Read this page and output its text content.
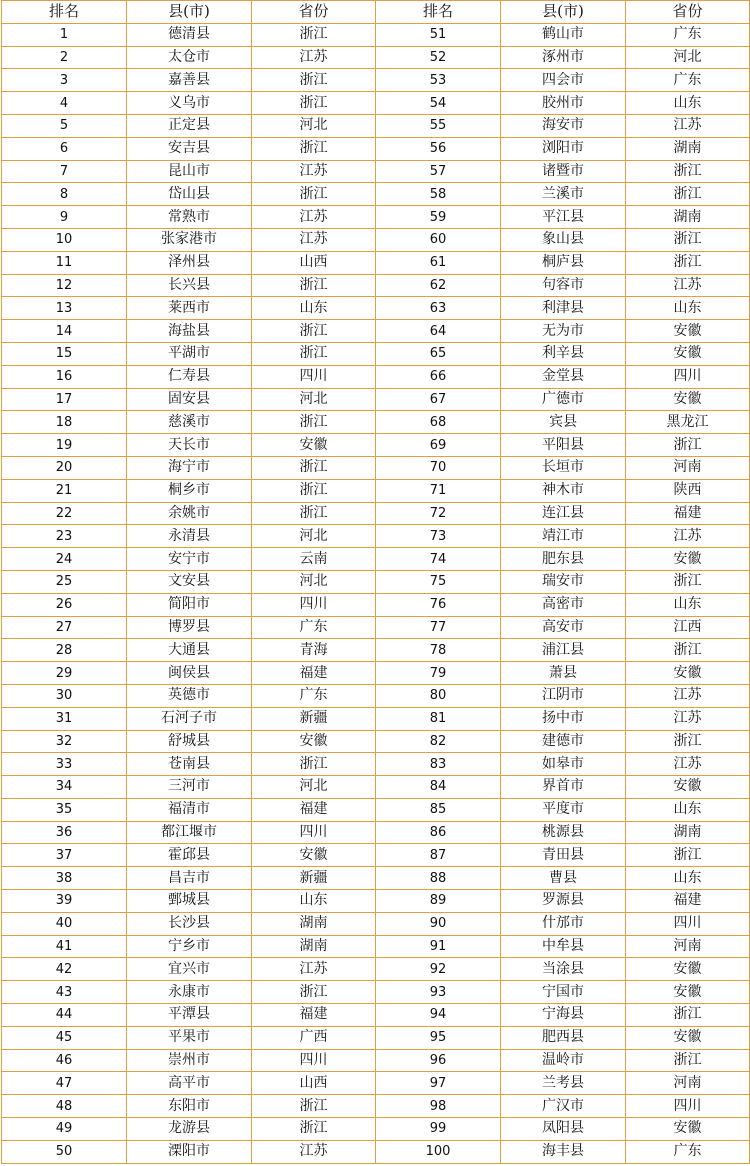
排名	县(市)	省份	排名	县(市)	省份
1	德清县	浙江	51	鹤山市	广东
2	太仓市	江苏	52	涿州市	河北
3	嘉善县	浙江	53	四会市	广东
4	义乌市	浙江	54	胶州市	山东
5	正定县	河北	55	海安市	江苏
6	安吉县	浙江	56	浏阳市	湖南
7	昆山市	江苏	57	诸暨市	浙江
8	岱山县	浙江	58	兰溪市	浙江
9	常熟市	江苏	59	平江县	湖南
10	张家港市	江苏	60	象山县	浙江
11	泽州县	山西	61	桐庐县	浙江
12	长兴县	浙江	62	句容市	江苏
13	莱西市	山东	63	利津县	山东
14	海盐县	浙江	64	无为市	安徽
15	平湖市	浙江	65	利辛县	安徽
16	仁寿县	四川	66	金堂县	四川
17	固安县	河北	67	广德市	安徽
18	慈溪市	浙江	68	宾县	黑龙江
19	天长市	安徽	69	平阳县	浙江
20	海宁市	浙江	70	长垣市	河南
21	桐乡市	浙江	71	神木市	陕西
22	余姚市	浙江	72	连江县	福建
23	永清县	河北	73	靖江市	江苏
24	安宁市	云南	74	肥东县	安徽
25	文安县	河北	75	瑞安市	浙江
26	简阳市	四川	76	高密市	山东
27	博罗县	广东	77	高安市	江西
28	大通县	青海	78	浦江县	浙江
29	闽侯县	福建	79	萧县	安徽
30	英德市	广东	80	江阴市	江苏
31	石河子市	新疆	81	扬中市	江苏
32	舒城县	安徽	82	建德市	浙江
33	苍南县	浙江	83	如皋市	江苏
34	三河市	河北	84	界首市	安徽
35	福清市	福建	85	平度市	山东
36	都江堰市	四川	86	桃源县	湖南
37	霍邱县	安徽	87	青田县	浙江
38	昌吉市	新疆	88	曹县	山东
39	鄄城县	山东	89	罗源县	福建
40	长沙县	湖南	90	什邡市	四川
41	宁乡市	湖南	91	中牟县	河南
42	宜兴市	江苏	92	当涂县	安徽
43	永康市	浙江	93	宁国市	安徽
44	平潭县	福建	94	宁海县	浙江
45	平果市	广西	95	肥西县	安徽
46	崇州市	四川	96	温岭市	浙江
47	高平市	山西	97	兰考县	河南
48	东阳市	浙江	98	广汉市	四川
49	龙游县	浙江	99	凤阳县	安徽
50	溧阳市	江苏	100	海丰县	广东
